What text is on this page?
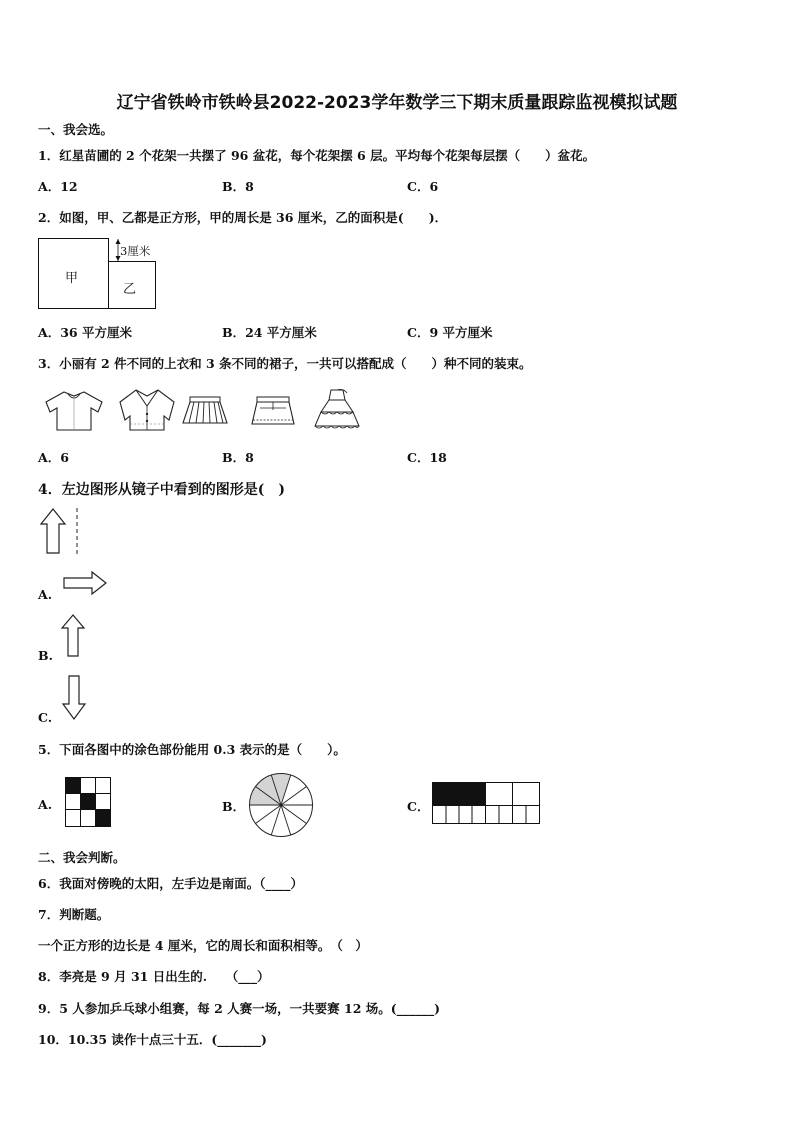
辽宁省铁岭市铁岭县2022-2023学年数学三下期末质量跟踪监视模拟试题
一、我会选。
1．红星苗圃的 2 个花架一共摆了 96 盆花，每个花架摆 6 层。平均每个花架每层摆（　　）盆花。
A．12	B．8	C．6
2．如图，甲、乙都是正方形，甲的周长是 36 厘米，乙的面积是(　　)．
甲
乙
3厘米
A．36 平方厘米	B．24 平方厘米	C．9 平方厘米
3．小丽有 2 件不同的上衣和 3 条不同的裙子，一共可以搭配成（　　）种不同的装束。
A．6	B．8	C．18
4．左边图形从镜子中看到的图形是(　)
A.
B.
C.
5．下面各图中的涂色部份能用 0.3 表示的是（　　）。
A.	B．	C．
二、我会判断。
6．我面对傍晚的太阳，左手边是南面。（____）
7．判断题。
一个正方形的边长是 4 厘米，它的周长和面积相等。　（　）
8．李亮是 9 月 31 日出生的.　　（___）
9．5 人参加乒乓球小组赛，每 2 人赛一场，一共要赛 12 场。(______)
10．10.35 读作十点三十五．(_______)
